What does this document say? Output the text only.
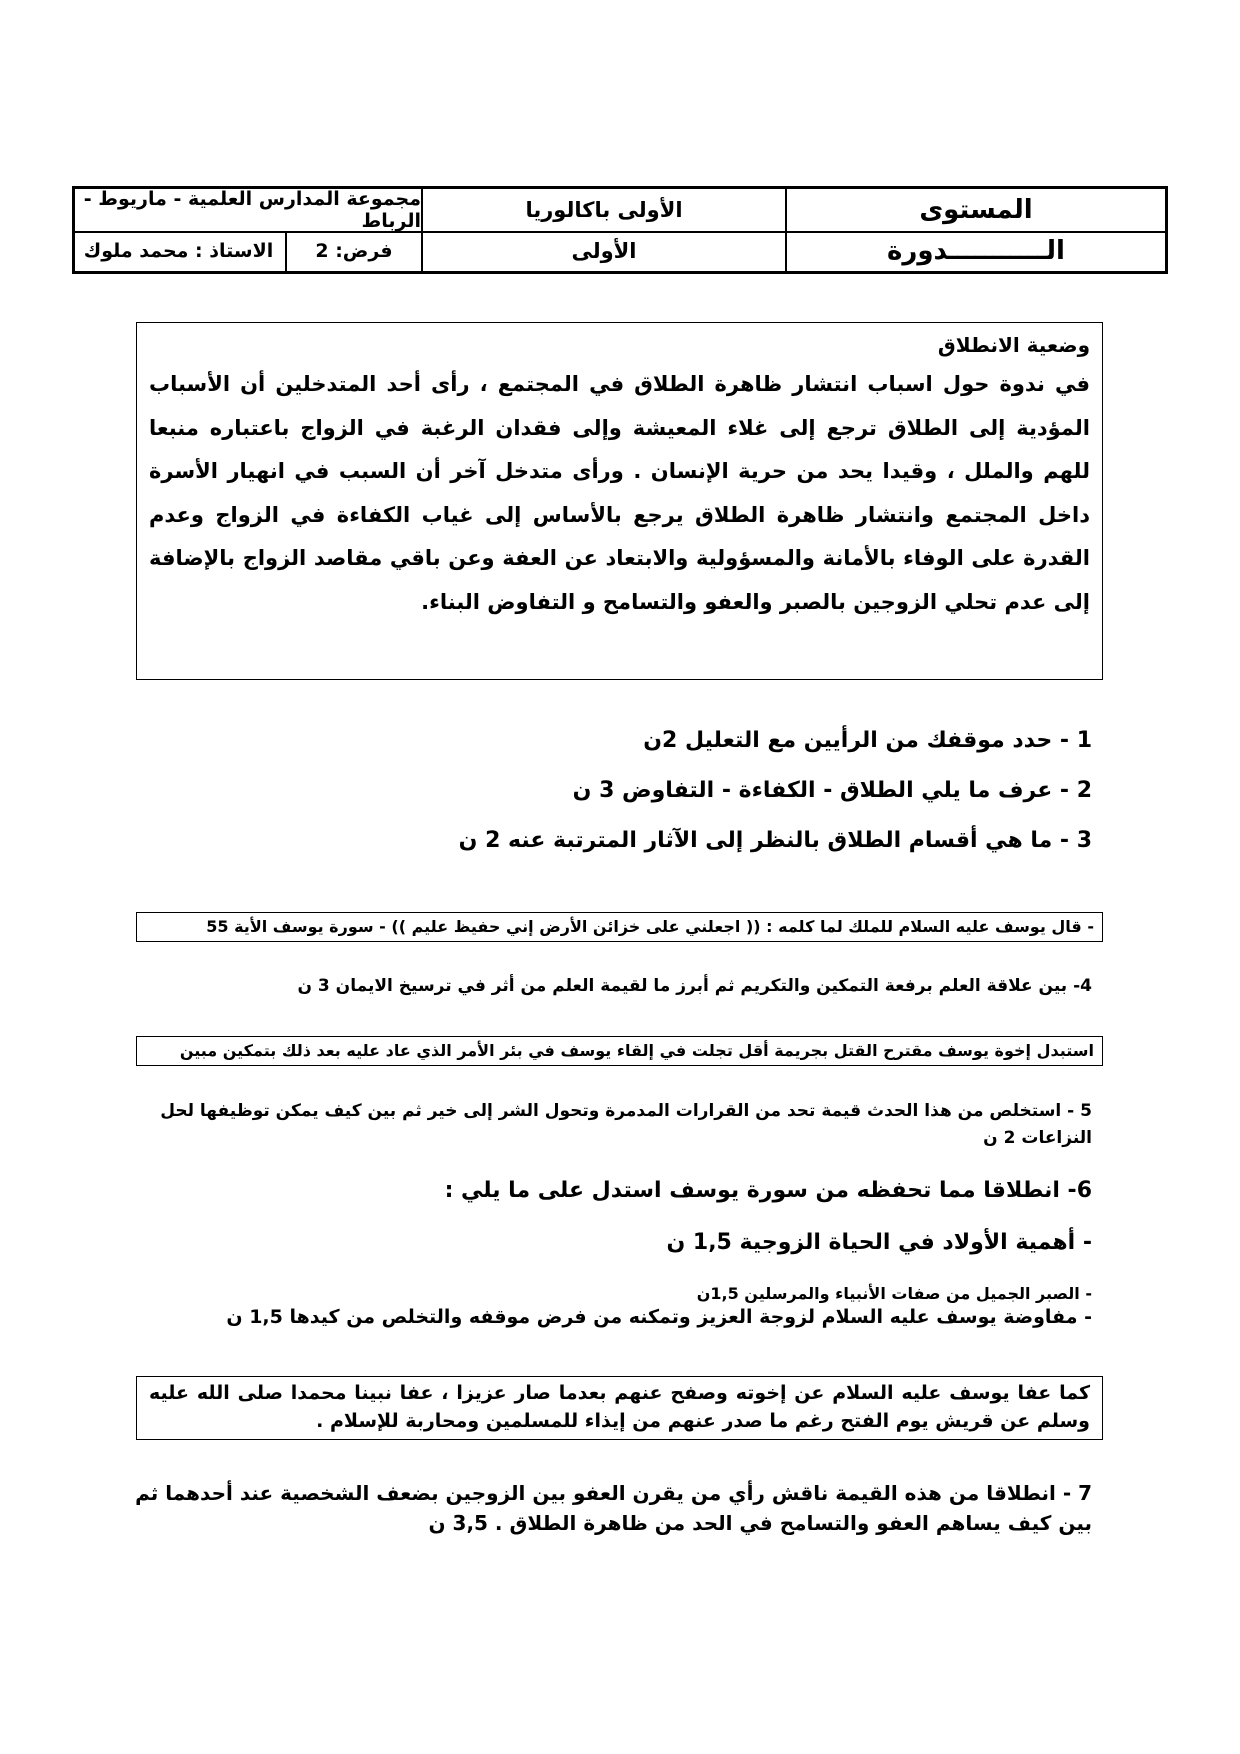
المستوى
الأولى باكالوريا
مجموعة المدارس العلمية - ماريوط - الرباط
الـــــــــــدورة
الأولى
فرض: 2
الاستاذ : محمد ملوك

وضعية الانطلاق

في ندوة حول اسباب انتشار ظاهرة الطلاق في المجتمع ، رأى أحد المتدخلين أن الأسباب المؤدية إلى الطلاق ترجع إلى غلاء المعيشة وإلى فقدان الرغبة في الزواج باعتباره منبعا للهم والملل ، وقيدا يحد من حرية الإنسان . ورأى متدخل آخر أن السبب في انهيار الأسرة داخل المجتمع وانتشار ظاهرة الطلاق يرجع بالأساس إلى غياب الكفاءة في الزواج وعدم القدرة على الوفاء بالأمانة والمسؤولية والابتعاد عن العفة وعن باقي مقاصد الزواج بالإضافة إلى عدم تحلي الزوجين بالصبر والعفو والتسامح و التفاوض البناء.

1 - حدد موقفك من الرأيين مع التعليل 2ن
2 - عرف ما يلي الطلاق - الكفاءة - التفاوض 3 ن
3 - ما هي أقسام الطلاق بالنظر إلى الآثار المترتبة عنه 2 ن
- قال يوسف عليه السلام للملك لما كلمه : (( اجعلني على خزائن الأرض إني حفيظ عليم )) - سورة يوسف الأية 55
4- بين علاقة العلم برفعة التمكين والتكريم ثم أبرز ما لقيمة العلم من أثر في ترسيخ الايمان 3 ن
استبدل إخوة يوسف مقترح القتل بجريمة أقل تجلت في إلقاء يوسف في بئر الأمر الذي عاد عليه بعد ذلك بتمكين مبين
5 - استخلص من هذا الحدث قيمة تحد من القرارات المدمرة وتحول الشر إلى خير ثم بين كيف يمكن توظيفها لحل النزاعات 2 ن
6- انطلاقا مما تحفظه من سورة يوسف استدل على ما يلي :
- أهمية الأولاد في الحياة الزوجية 1,5 ن
- الصبر الجميل من صفات الأنبياء والمرسلين 1,5ن
- مفاوضة يوسف عليه السلام لزوجة العزيز وتمكنه من فرض موقفه والتخلص من كيدها 1,5 ن
كما عفا يوسف عليه السلام عن إخوته وصفح عنهم بعدما صار عزيزا ، عفا نبينا محمدا صلى الله عليه وسلم عن قريش يوم الفتح رغم ما صدر عنهم من إيذاء للمسلمين ومحاربة للإسلام .
7 - انطلاقا من هذه القيمة ناقش رأي من يقرن العفو بين الزوجين بضعف الشخصية عند أحدهما ثم بين كيف يساهم العفو والتسامح في الحد من ظاهرة الطلاق . 3,5 ن
